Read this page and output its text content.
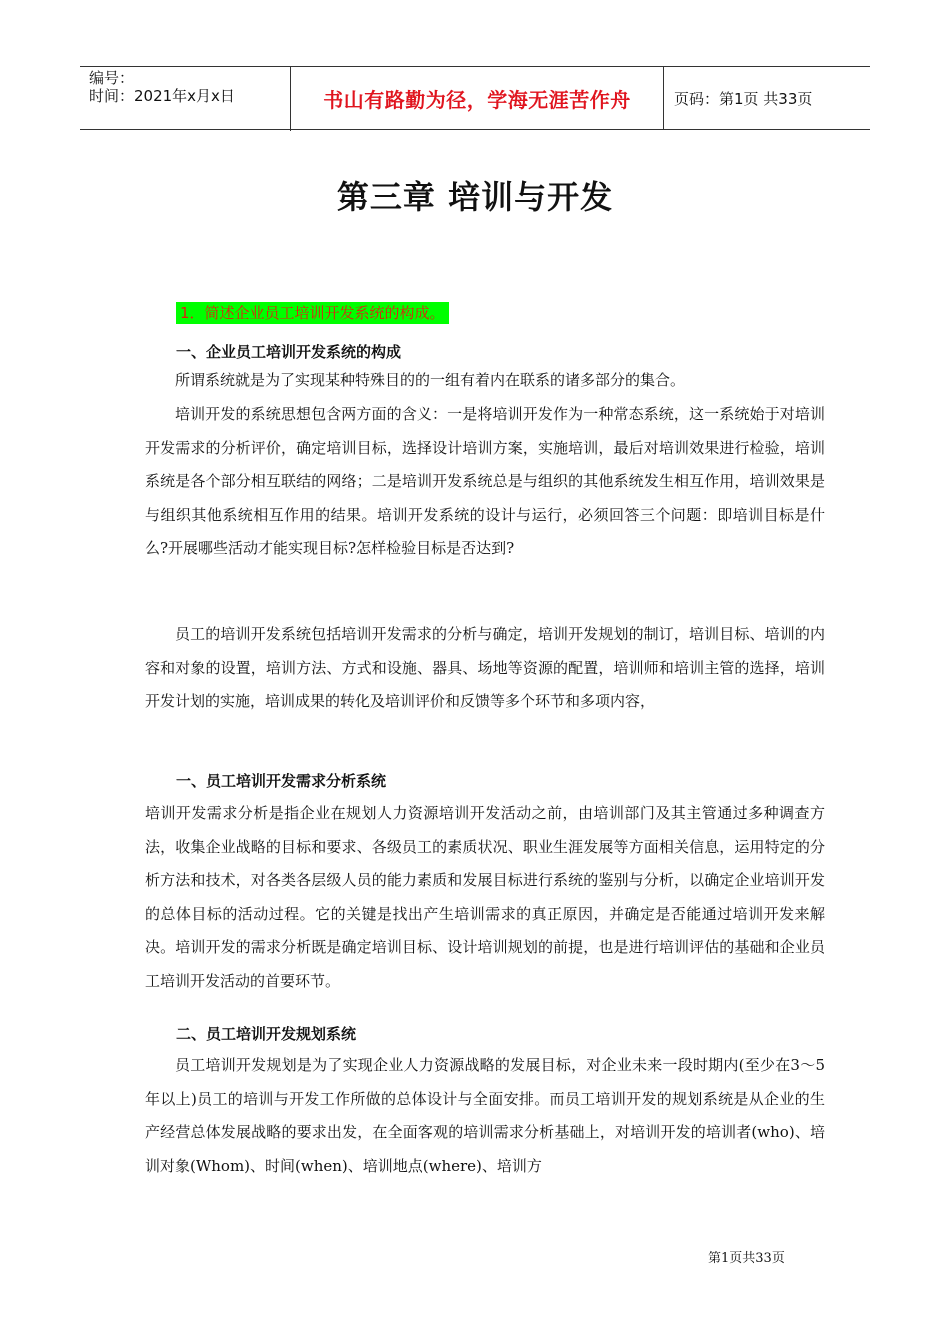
编号：
时间：2021年x月x日	书山有路勤为径，学海无涯苦作舟	页码：第1页 共33页
第三章 培训与开发
1．简述企业员工培训开发系统的构成。
一、企业员工培训开发系统的构成

所谓系统就是为了实现某种特殊目的的一组有着内在联系的诸多部分的集合。

培训开发的系统思想包含两方面的含义：一是将培训开发作为一种常态系统，这一系统始于对培训开发需求的分析评价，确定培训目标，选择设计培训方案，实施培训，最后对培训效果进行检验，培训系统是各个部分相互联结的网络；二是培训开发系统总是与组织的其他系统发生相互作用，培训效果是与组织其他系统相互作用的结果。培训开发系统的设计与运行，必须回答三个问题：即培训目标是什么?开展哪些活动才能实现目标?怎样检验目标是否达到?

员工的培训开发系统包括培训开发需求的分析与确定，培训开发规划的制订，培训目标、培训的内容和对象的设置，培训方法、方式和设施、器具、场地等资源的配置，培训师和培训主管的选择，培训开发计划的实施，培训成果的转化及培训评价和反馈等多个环节和多项内容，

一、员工培训开发需求分析系统

培训开发需求分析是指企业在规划人力资源培训开发活动之前，由培训部门及其主管通过多种调查方法，收集企业战略的目标和要求、各级员工的素质状况、职业生涯发展等方面相关信息，运用特定的分析方法和技术，对各类各层级人员的能力素质和发展目标进行系统的鉴别与分析，以确定企业培训开发的总体目标的活动过程。它的关键是找出产生培训需求的真正原因，并确定是否能通过培训开发来解决。培训开发的需求分析既是确定培训目标、设计培训规划的前提，也是进行培训评估的基础和企业员工培训开发活动的首要环节。

二、员工培训开发规划系统

员工培训开发规划是为了实现企业人力资源战略的发展目标，对企业未来一段时期内(至少在3～5年以上)员工的培训与开发工作所做的总体设计与全面安排。而员工培训开发的规划系统是从企业的生产经营总体发展战略的要求出发，在全面客观的培训需求分析基础上，对培训开发的培训者(who)、培训对象(Whom)、时间(when)、培训地点(where)、培训方

第1页共33页
